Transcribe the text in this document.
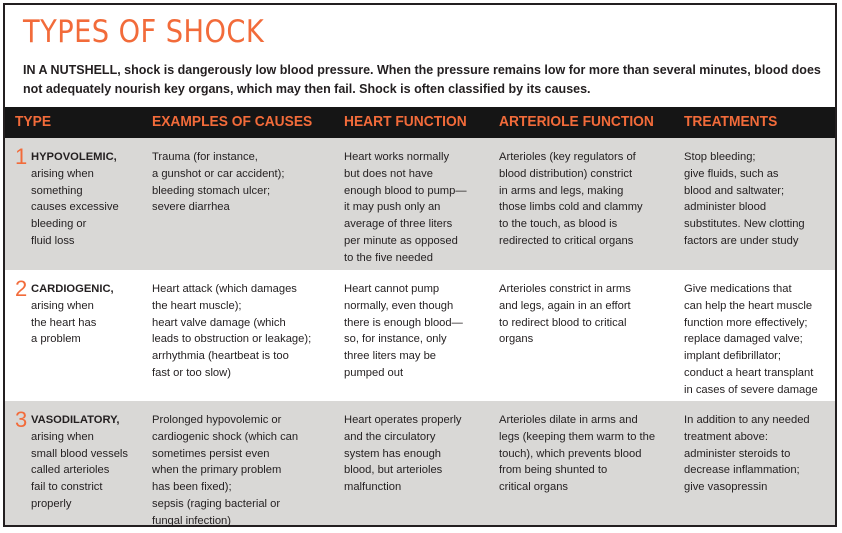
TYPES OF SHOCK
IN A NUTSHELL, shock is dangerously low blood pressure. When the pressure remains low for more than several minutes, blood does not adequately nourish key organs, which may then fail. Shock is often classified by its causes.
TYPE	EXAMPLES OF CAUSES HEART FUNCTION ARTERIOLE FUNCTION TREATMENTS
1 HYPOVOLEMIC,
arising when
something
causes excessive
bleeding or
fluid loss
Trauma (for instance,
a gunshot or car accident);
bleeding stomach ulcer;
severe diarrhea
Heart works normally
but does not have
enough blood to pump—
it may push only an
average of three liters
per minute as opposed
to the five needed
Arterioles (key regulators of
blood distribution) constrict
in arms and legs, making
those limbs cold and clammy
to the touch, as blood is
redirected to critical organs
Stop bleeding;
give fluids, such as
blood and saltwater;
administer blood
substitutes. New clotting
factors are under study
2 CARDIOGENIC,
arising when
the heart has
a problem
Heart attack (which damages
the heart muscle);
heart valve damage (which
leads to obstruction or leakage);
arrhythmia (heartbeat is too
fast or too slow)
Heart cannot pump
normally, even though
there is enough blood—
so, for instance, only
three liters may be
pumped out
Arterioles constrict in arms
and legs, again in an effort
to redirect blood to critical
organs
Give medications that
can help the heart muscle
function more effectively;
replace damaged valve;
implant defibrillator;
conduct a heart transplant
in cases of severe damage
3 VASODILATORY,
arising when
small blood vessels
called arterioles
fail to constrict
properly
Prolonged hypovolemic or
cardiogenic shock (which can
sometimes persist even
when the primary problem
has been fixed);
sepsis (raging bacterial or
fungal infection)
Heart operates properly
and the circulatory
system has enough
blood, but arterioles
malfunction
Arterioles dilate in arms and
legs (keeping them warm to the
touch), which prevents blood
from being shunted to
critical organs
In addition to any needed
treatment above:
administer steroids to
decrease inflammation;
give vasopressin
